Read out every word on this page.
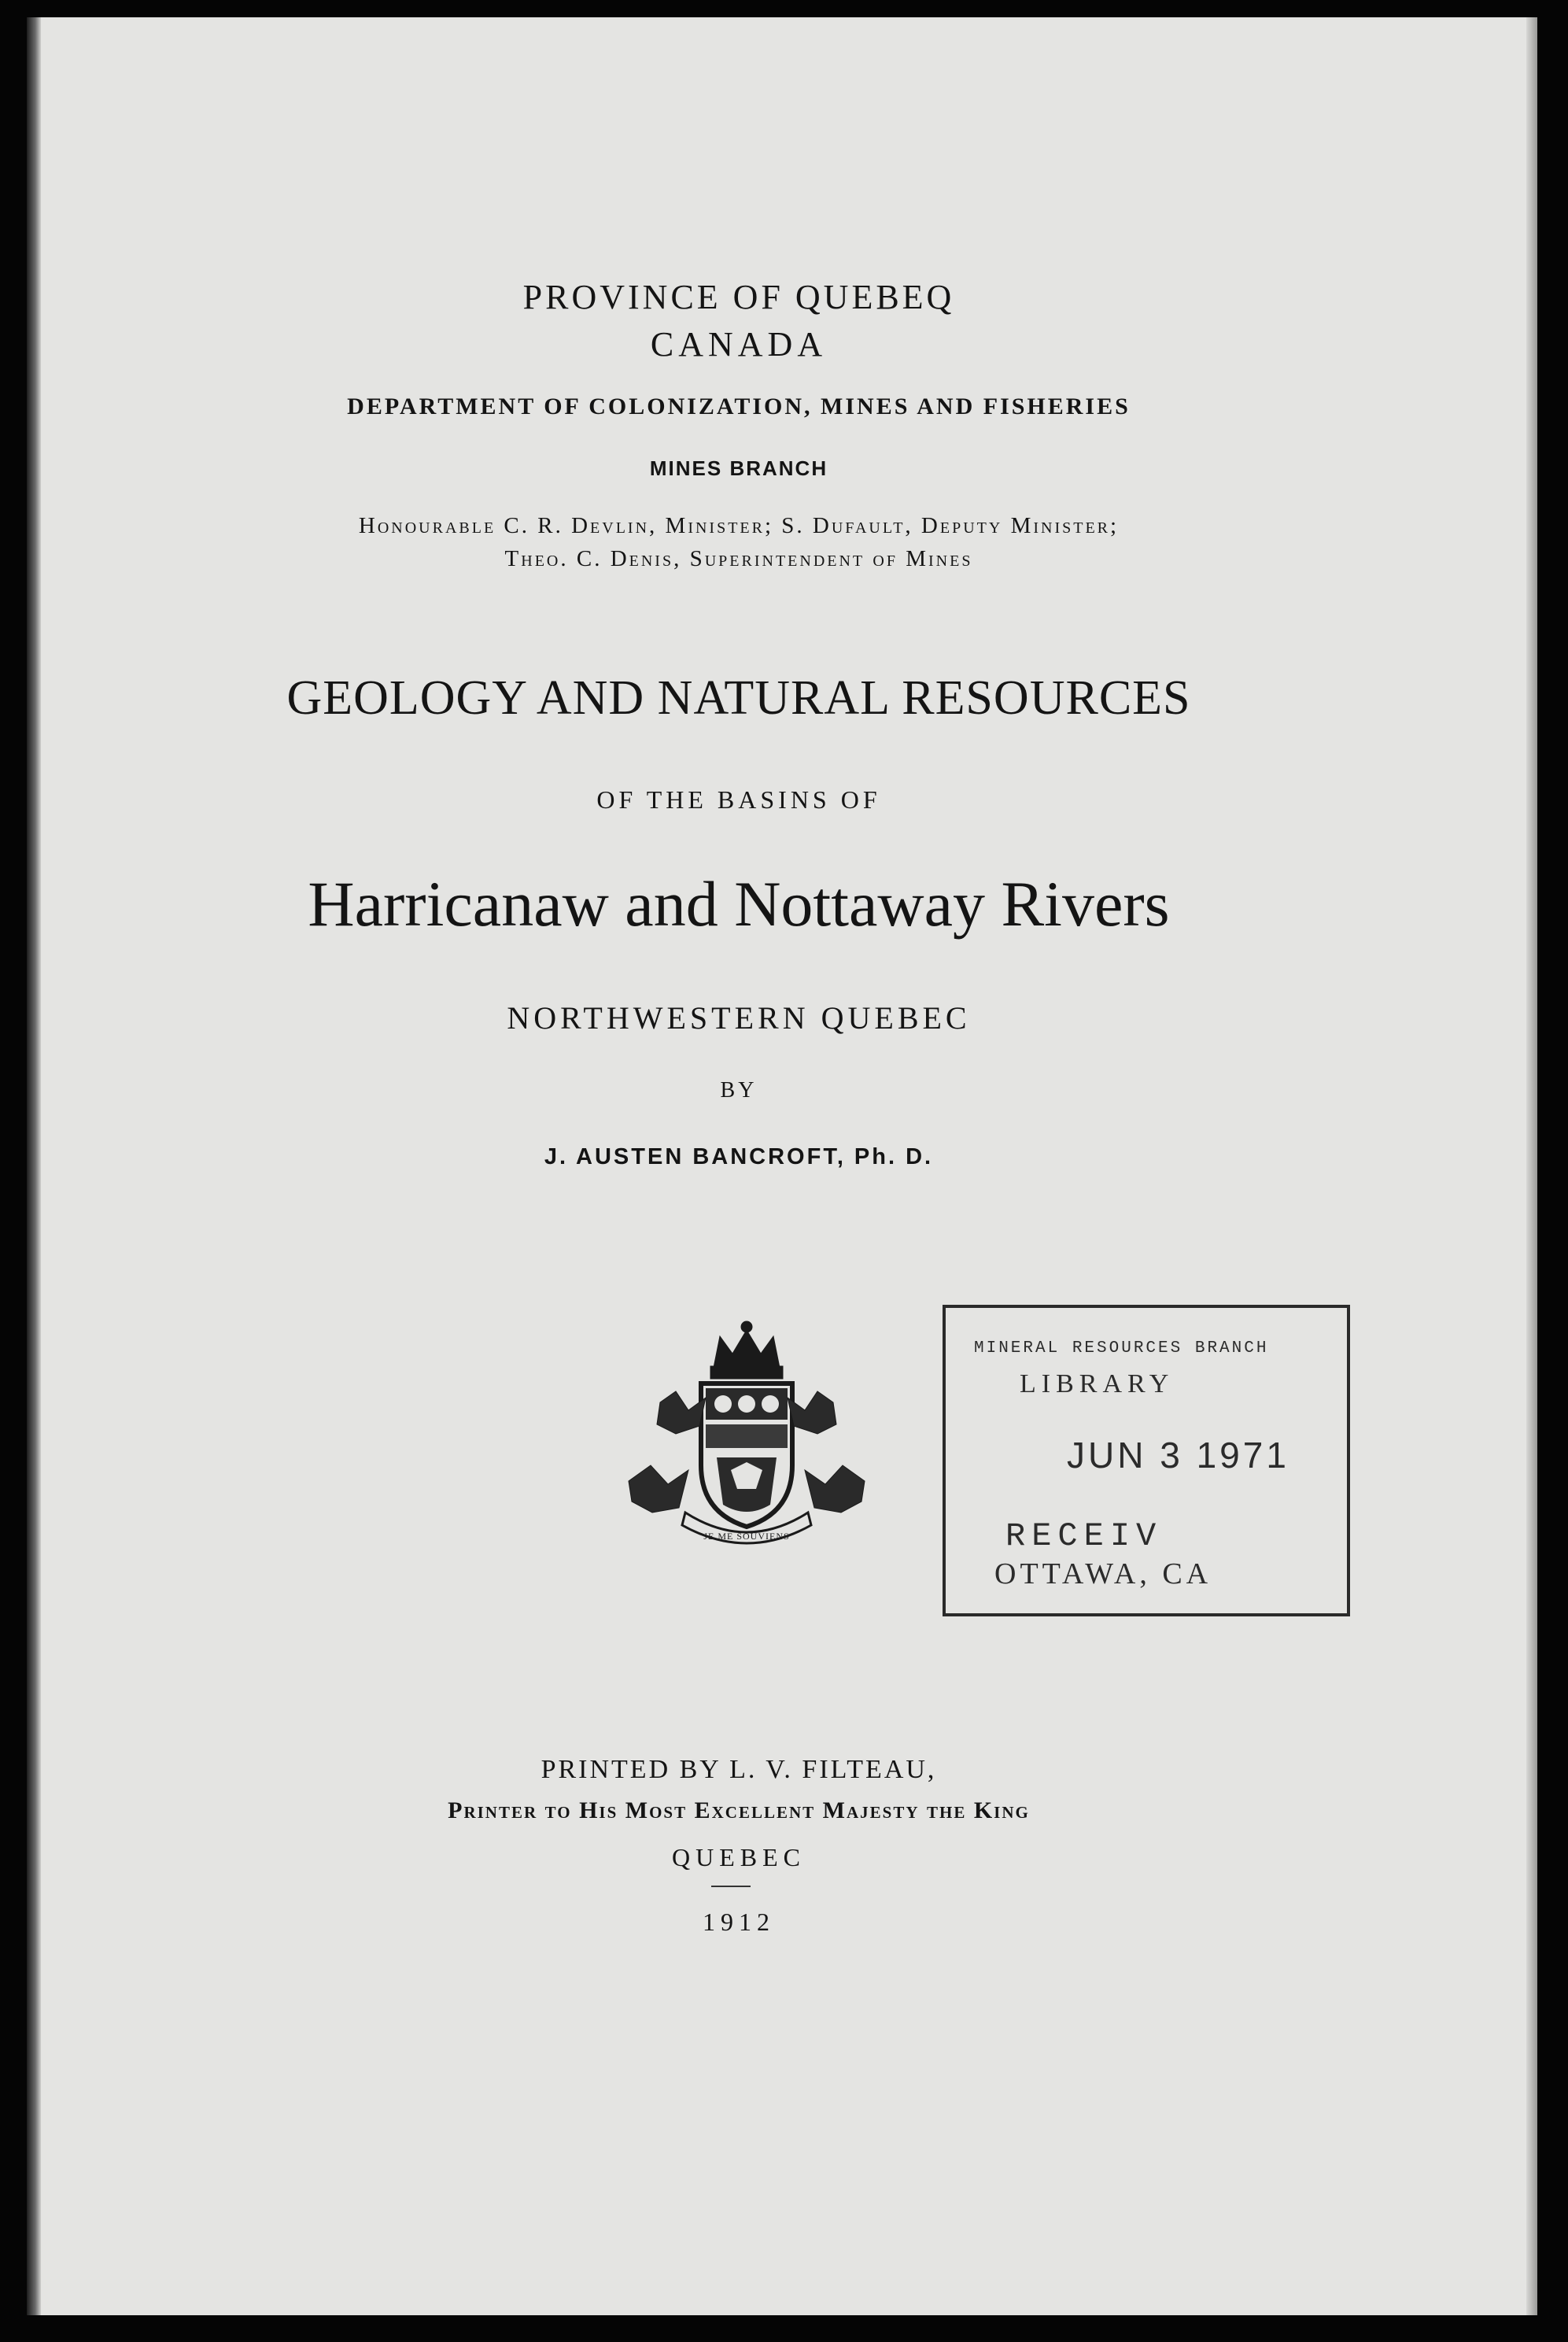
PROVINCE OF QUEBEQ
CANADA
DEPARTMENT OF COLONIZATION, MINES AND FISHERIES
MINES BRANCH
Honourable C. R. Devlin, Minister; S. Dufault, Deputy Minister;
Theo. C. Denis, Superintendent of Mines
GEOLOGY AND NATURAL RESOURCES
OF THE BASINS OF
Harricanaw and Nottaway Rivers
NORTHWESTERN QUEBEC
BY
J. AUSTEN BANCROFT, Ph. D.
JE ME SOUVIENS
MINERAL RESOURCES BRANCH
LIBRARY
JUN 3 1971
RECEIV
OTTAWA, CA
PRINTED BY L. V. FILTEAU,
Printer to His Most Excellent Majesty the King
QUEBEC
1912
